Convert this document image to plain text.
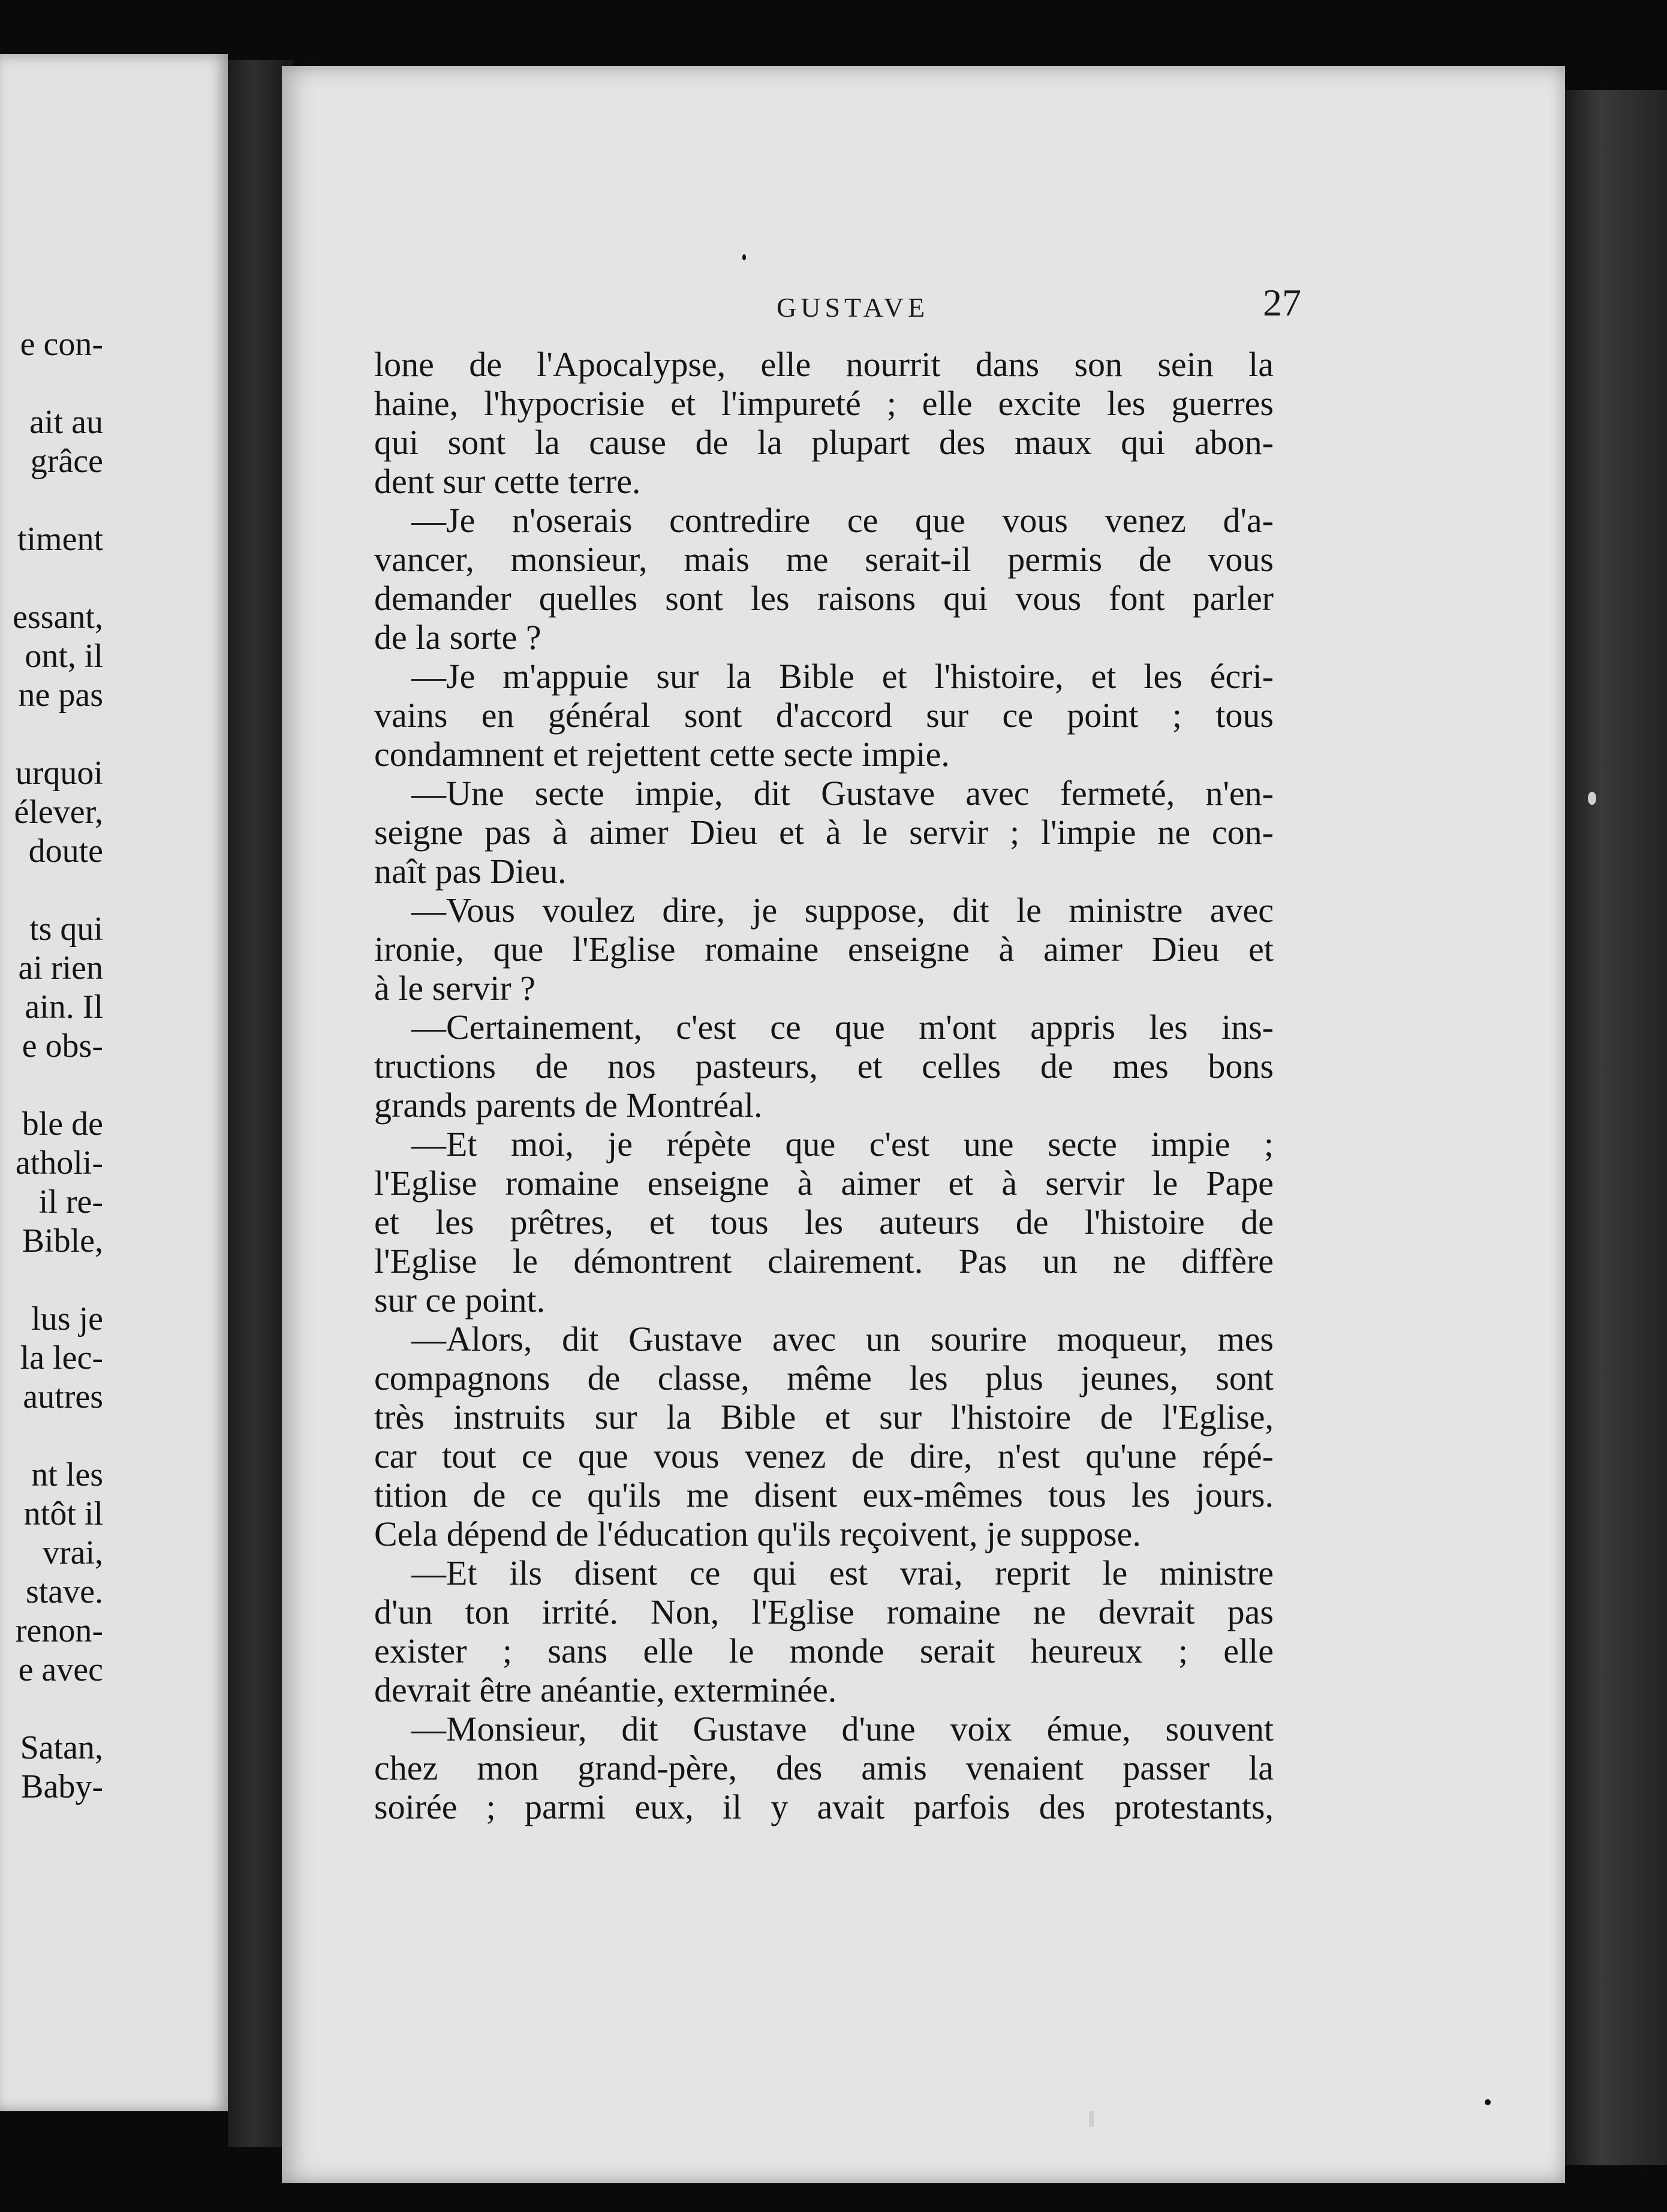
e con-
ait au
grâce
timent
essant,
ont, il
ne pas
urquoi
élever,
doute
ts qui
ai rien
ain. Il
e obs-
ble de
atholi-
il re-
Bible,
lus je
la lec-
autres
nt les
ntôt il
vrai,
stave.
renon-
e avec
Satan,
Baby-
GUSTAVE	27
lone de l'Apocalypse, elle nourrit dans son sein la
haine, l'hypocrisie et l'impureté ; elle excite les guerres
qui sont la cause de la plupart des maux qui abon-
dent sur cette terre.
—Je n'oserais contredire ce que vous venez d'a-
vancer, monsieur, mais me serait-il permis de vous
demander quelles sont les raisons qui vous font parler
de la sorte ?
—Je m'appuie sur la Bible et l'histoire, et les écri-
vains en général sont d'accord sur ce point ; tous
condamnent et rejettent cette secte impie.
—Une secte impie, dit Gustave avec fermeté, n'en-
seigne pas à aimer Dieu et à le servir ; l'impie ne con-
naît pas Dieu.
—Vous voulez dire, je suppose, dit le ministre avec
ironie, que l'Eglise romaine enseigne à aimer Dieu et
à le servir ?
—Certainement, c'est ce que m'ont appris les ins-
tructions de nos pasteurs, et celles de mes bons
grands parents de Montréal.
—Et moi, je répète que c'est une secte impie ;
l'Eglise romaine enseigne à aimer et à servir le Pape
et les prêtres, et tous les auteurs de l'histoire de
l'Eglise le démontrent clairement. Pas un ne diffère
sur ce point.
—Alors, dit Gustave avec un sourire moqueur, mes
compagnons de classe, même les plus jeunes, sont
très instruits sur la Bible et sur l'histoire de l'Eglise,
car tout ce que vous venez de dire, n'est qu'une répé-
tition de ce qu'ils me disent eux-mêmes tous les jours.
Cela dépend de l'éducation qu'ils reçoivent, je suppose.
—Et ils disent ce qui est vrai, reprit le ministre
d'un ton irrité. Non, l'Eglise romaine ne devrait pas
exister ; sans elle le monde serait heureux ; elle
devrait être anéantie, exterminée.
—Monsieur, dit Gustave d'une voix émue, souvent
chez mon grand-père, des amis venaient passer la
soirée ; parmi eux, il y avait parfois des protestants,
